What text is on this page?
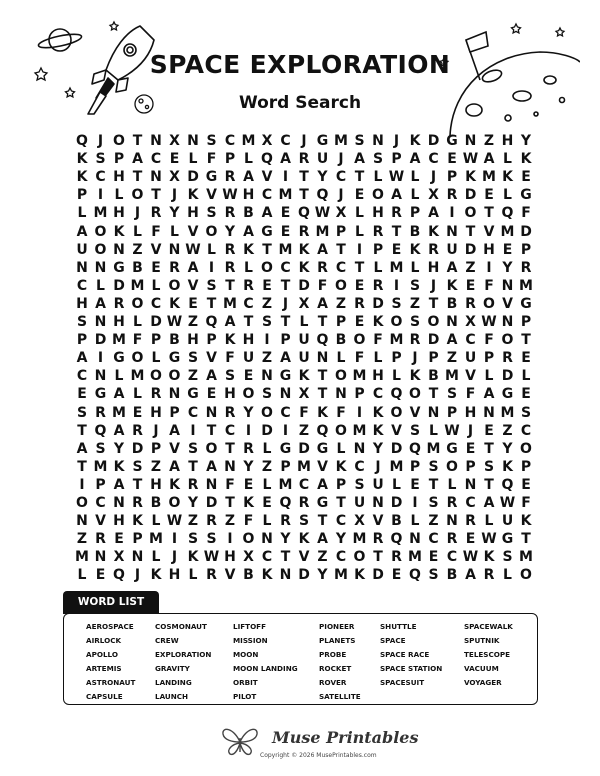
SPACE EXPLORATION
Word Search
Q J O T N X N S C M X C J G M S N J K D G N Z H Y
K S P A C E L F P L Q A R U J A S P A C E W A L K
K C H T N X D G R A V I T Y C T L W L J P K M K E
P I L O T J K V W H C M T Q J E O A L X R D E L G
L M H J R Y H S R B A E Q W X L H R P A I O T Q F
A O K L F L V O Y A G E R M P L R T B K N T V M D
U O N Z V N W L R K T M K A T I P E K R U D H E P
N N G B E R A I R L O C K R C T L M L H A Z I Y R
C L D M L O V S T R E T D F O E R I S J K E F N M
H A R O C K E T M C Z J X A Z R D S Z T B R O V G
S N H L D W Z Q A T S T L T P E K O S O N X W N P
P D M F P B H P K H I P U Q B O F M R D A C F O T
A I G O L G S V F U Z A U N L F L P J P Z U P R E
C N L M O O Z A S E N G K T O M H L K B M V L D L
E G A L R N G E H O S N X T N P C Q O T S F A G E
S R M E H P C N R Y O C F K F I K O V N P H N M S
T Q A R J A I T C I D I Z Q O M K V S L W J E Z C
A S Y D P V S O T R L G D G L N Y D Q M G E T Y O
T M K S Z A T A N Y Z P M V K C J M P S O P S K P
I P A T H K R N F E L M C A P S U L E T L N T Q E
O C N R B O Y D T K E Q R G T U N D I S R C A W F
N V H K L W Z R Z F L R S T C X V B L Z N R L U K
Z R E P M I S S I O N Y K A Y M R Q N C R E W G T
M N X N L J K W H X C T V Z C O T R M E C W K S M
L E Q J K H L R V B K N D Y M K D E Q S B A R L O
WORD LIST
AEROSPACE
AIRLOCK
APOLLO
ARTEMIS
ASTRONAUT
CAPSULE
COSMONAUT
CREW
EXPLORATION
GRAVITY
LANDING
LAUNCH
LIFTOFF
MISSION
MOON
MOON LANDING
ORBIT
PILOT
PIONEER
PLANETS
PROBE
ROCKET
ROVER
SATELLITE
SHUTTLE
SPACE
SPACE RACE
SPACE STATION
SPACESUIT
SPACEWALK
SPUTNIK
TELESCOPE
VACUUM
VOYAGER
Muse Printables
Copyright © 2026 MusePrintables.com
